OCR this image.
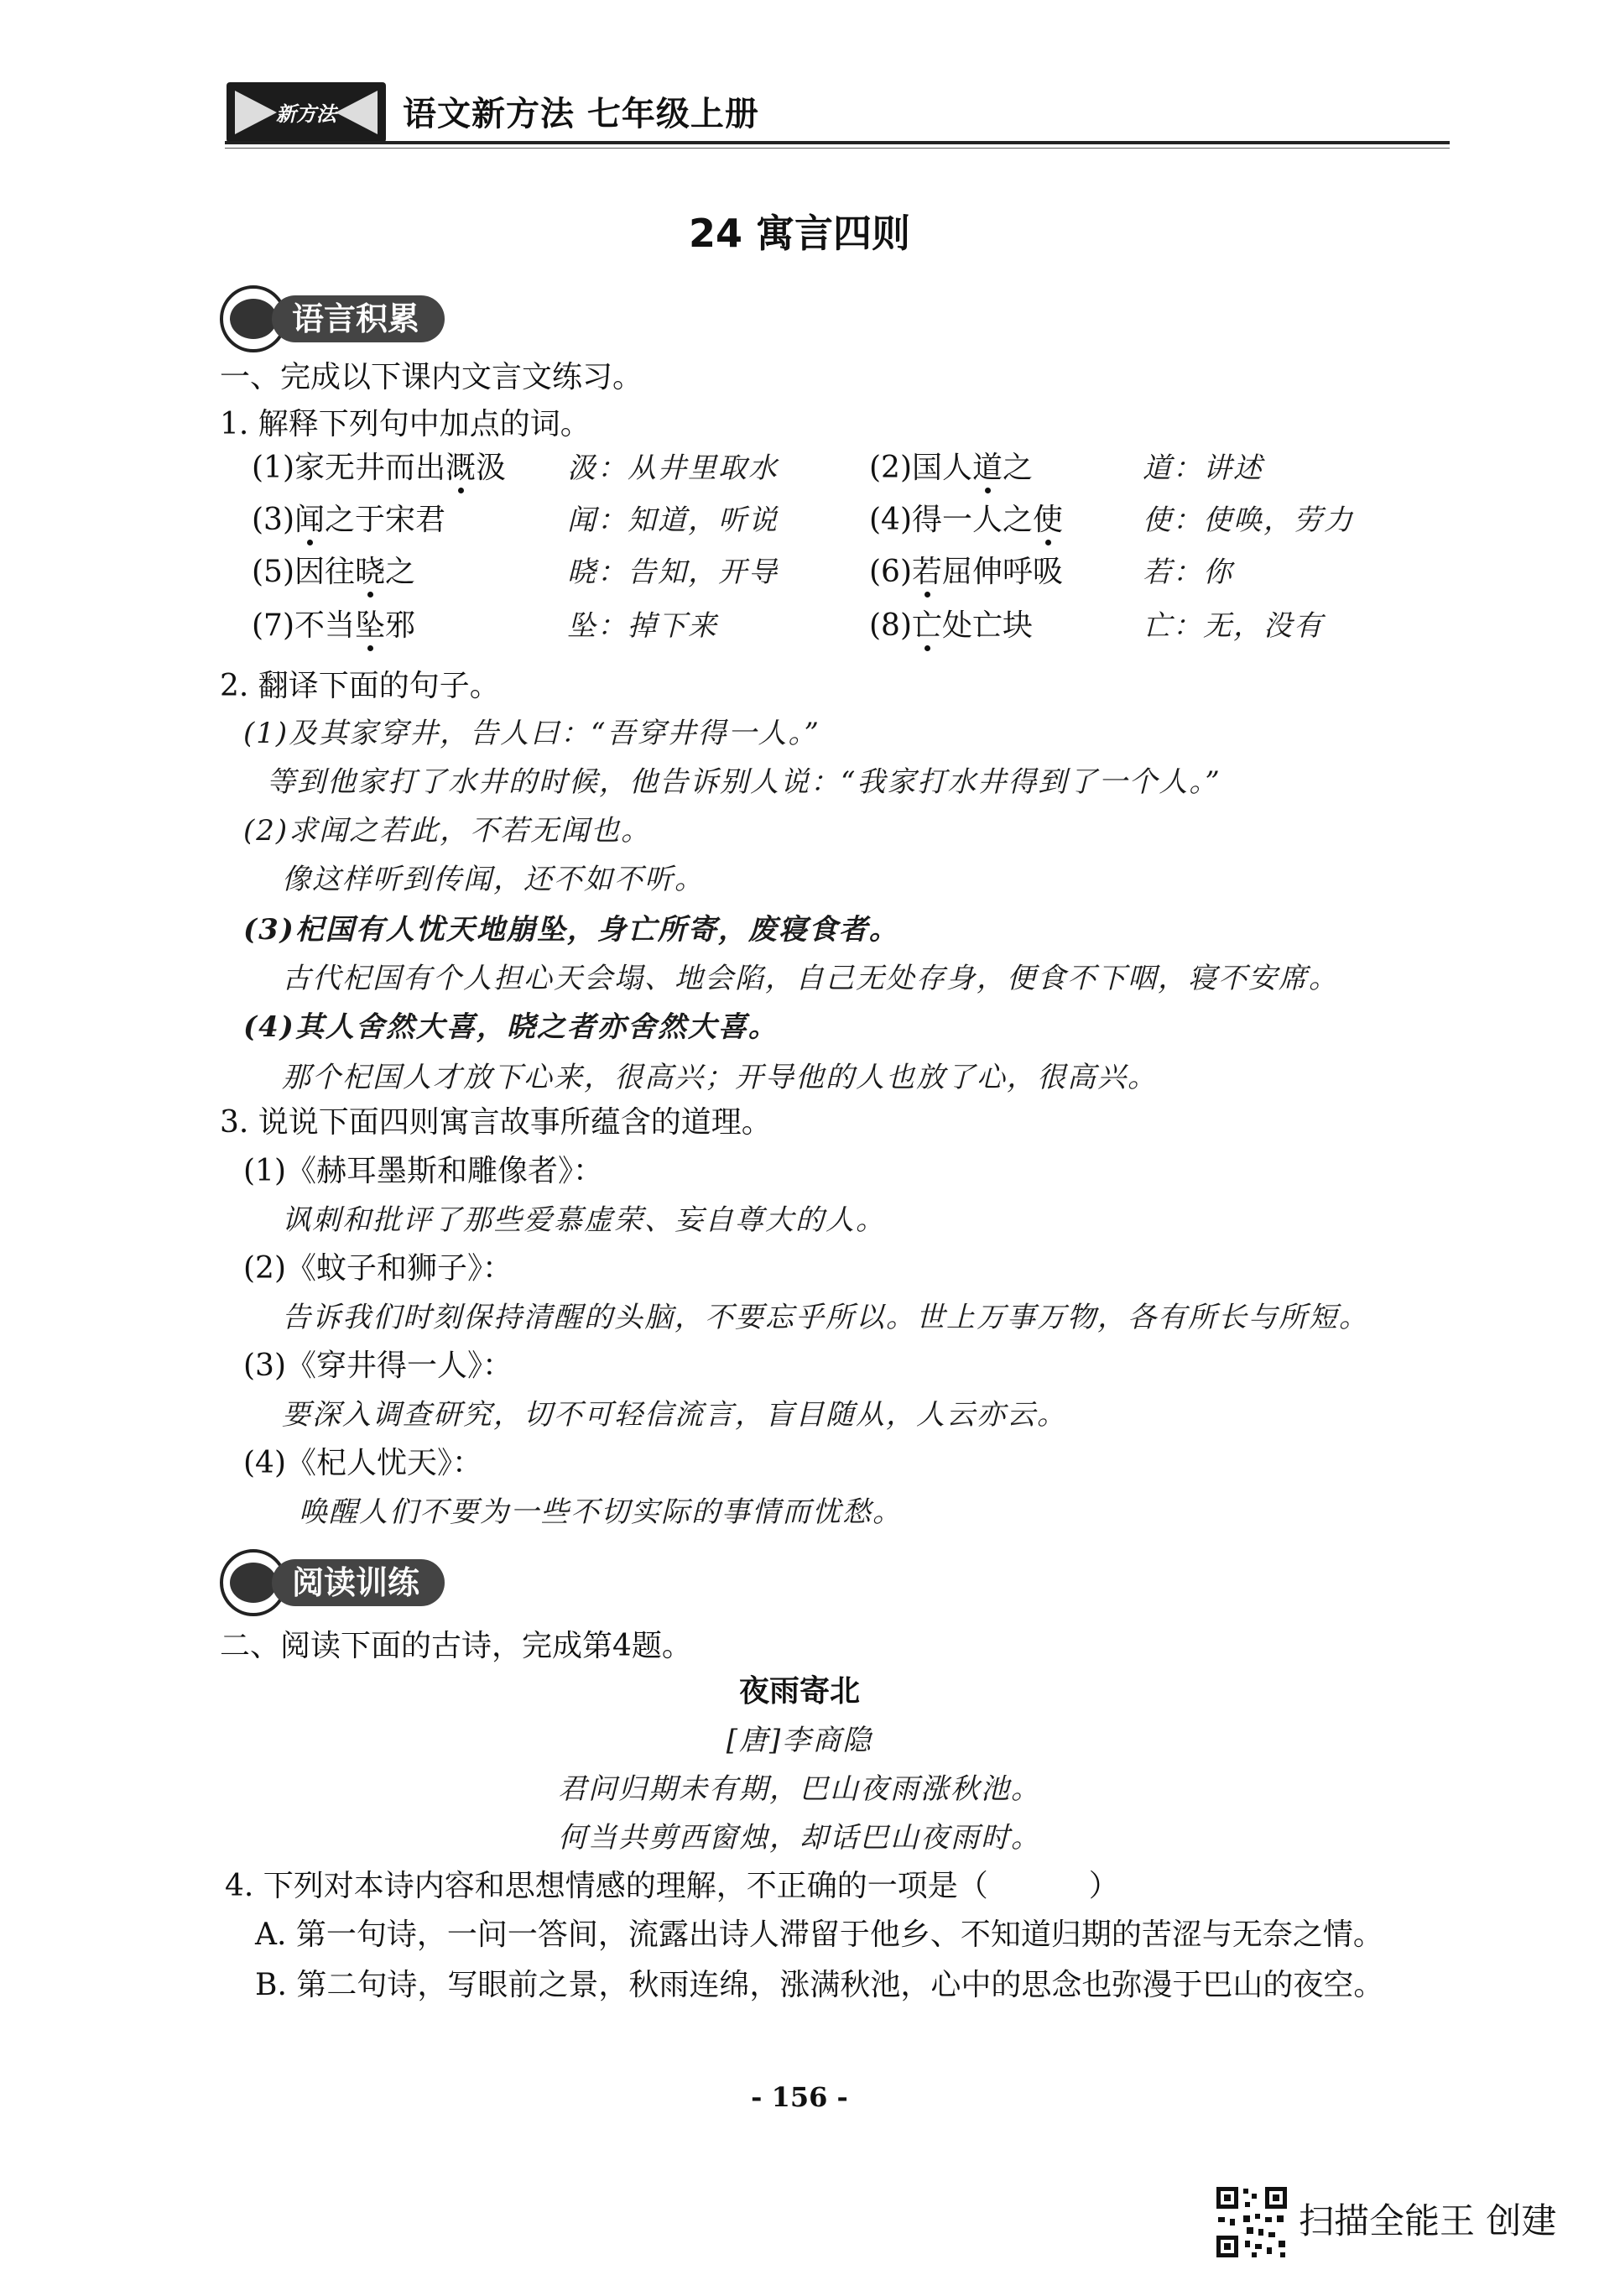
新方法 语文新方法 七年级上册
24 寓言四则
语言积累
一、完成以下课内文言文练习。
1. 解释下列句中加点的词。
(1)家无井而出溉汲 汲：从井里取水	(2)国人道之	道：讲述
(3)闻之于宋君	闻：知道，听说	(4)得一人之使	使：使唤，劳力
(5)因往晓之	晓：告知，开导	(6)若屈伸呼吸	若：你
(7)不当坠邪	坠：掉下来	(8)亡处亡块	亡：无，没有
2. 翻译下面的句子。
(1)及其家穿井，告人曰：“吾穿井得一人。”
等到他家打了水井的时候，他告诉别人说：“我家打水井得到了一个人。”
(2)求闻之若此，不若无闻也。
像这样听到传闻，还不如不听。
(3)杞国有人忧天地崩坠，身亡所寄，废寝食者。
古代杞国有个人担心天会塌、地会陷，自己无处存身，便食不下咽，寝不安席。
(4)其人舍然大喜，晓之者亦舍然大喜。
那个杞国人才放下心来，很高兴；开导他的人也放了心，很高兴。
3. 说说下面四则寓言故事所蕴含的道理。
(1)《赫耳墨斯和雕像者》：
讽刺和批评了那些爱慕虚荣、妄自尊大的人。
(2)《蚊子和狮子》：
告诉我们时刻保持清醒的头脑，不要忘乎所以。世上万事万物，各有所长与所短。
(3)《穿井得一人》：
要深入调查研究，切不可轻信流言，盲目随从，人云亦云。
(4)《杞人忧天》：
唤醒人们不要为一些不切实际的事情而忧愁。
阅读训练
二、阅读下面的古诗，完成第4题。
夜雨寄北
[唐]李商隐
君问归期未有期，巴山夜雨涨秋池。
何当共剪西窗烛，却话巴山夜雨时。
4. 下列对本诗内容和思想情感的理解，不正确的一项是（	）
A. 第一句诗，一问一答间，流露出诗人滞留于他乡、不知道归期的苦涩与无奈之情。
B. 第二句诗，写眼前之景，秋雨连绵，涨满秋池，心中的思念也弥漫于巴山的夜空。
- 156 -
扫描全能王 创建
